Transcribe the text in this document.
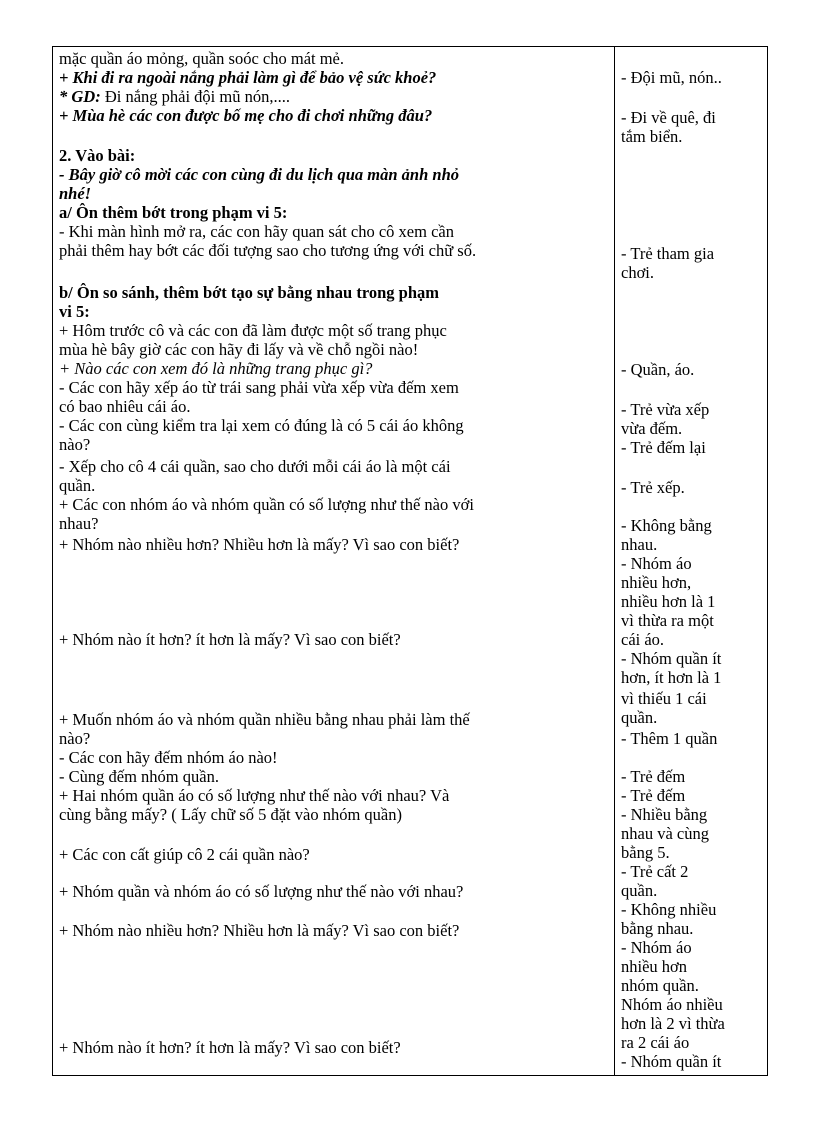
mặc quần áo mỏng, quần soóc cho mát mẻ.
+ Khi đi ra ngoài nắng phải làm gì để bảo vệ sức khoẻ?
* GD: Đi nắng phải đội mũ nón,....
+ Mùa hè các con được bố mẹ cho đi chơi những đâu?
2. Vào bài:
- Bây giờ cô mời các con cùng đi du lịch qua màn ảnh nhỏ
nhé!
a/ Ôn thêm bớt trong phạm vi 5:
- Khi màn hình mở ra, các con hãy quan sát cho cô xem cần
phải thêm hay bớt các đối tượng sao cho tương ứng với chữ số.
b/ Ôn so sánh, thêm bớt tạo sự bằng nhau trong phạm
vi 5:
+ Hôm trước cô và các con đã làm được một số trang phục
mùa hè bây giờ các con hãy đi lấy và về chỗ ngồi nào!
+ Nào các con xem đó là những trang phục gì?
- Các con hãy xếp áo từ trái sang phải vừa xếp vừa đếm xem
có bao nhiêu cái áo.
- Các con cùng kiểm tra lại xem có đúng là có 5 cái áo không
nào?
- Xếp cho cô 4 cái quần, sao cho dưới mỗi cái áo là một cái
quần.
+ Các con nhóm áo và nhóm quần có số lượng như thế nào với
nhau?
+ Nhóm nào nhiều hơn? Nhiều hơn là mấy? Vì sao con biết?
+ Nhóm nào ít hơn? ít hơn là mấy? Vì sao con biết?
+ Muốn nhóm áo và nhóm quần nhiều bằng nhau phải làm thế
nào?
- Các con hãy đếm nhóm áo nào!
- Cùng đếm nhóm quần.
+ Hai nhóm quần áo có số lượng như thế nào với nhau? Và
cùng bằng mấy? ( Lấy chữ số 5 đặt vào nhóm quần)
+ Các con cất giúp cô 2 cái quần nào?
+ Nhóm quần và nhóm áo có số lượng như thế nào với nhau?
+ Nhóm nào nhiều hơn? Nhiều hơn là mấy? Vì sao con biết?
+ Nhóm nào ít hơn? ít hơn là mấy? Vì sao con biết?
- Đội mũ, nón..
- Đi về quê, đi
tắm biển.
- Trẻ tham gia
chơi.
- Quần, áo.
- Trẻ vừa xếp
vừa đếm.
- Trẻ đếm lại
- Trẻ xếp.
- Không bằng
nhau.
- Nhóm áo
nhiều hơn,
nhiều hơn là 1
vì thừa ra một
cái áo.
- Nhóm quần ít
hơn, ít hơn là 1
vì thiếu 1 cái
quần.
- Thêm 1 quần
- Trẻ đếm
- Trẻ đếm
- Nhiều bằng
nhau và cùng
bằng 5.
- Trẻ cất 2
quần.
- Không nhiều
bằng nhau.
- Nhóm áo
nhiều hơn
nhóm quần.
Nhóm áo nhiều
hơn là 2 vì thừa
ra 2 cái áo
- Nhóm quần ít
